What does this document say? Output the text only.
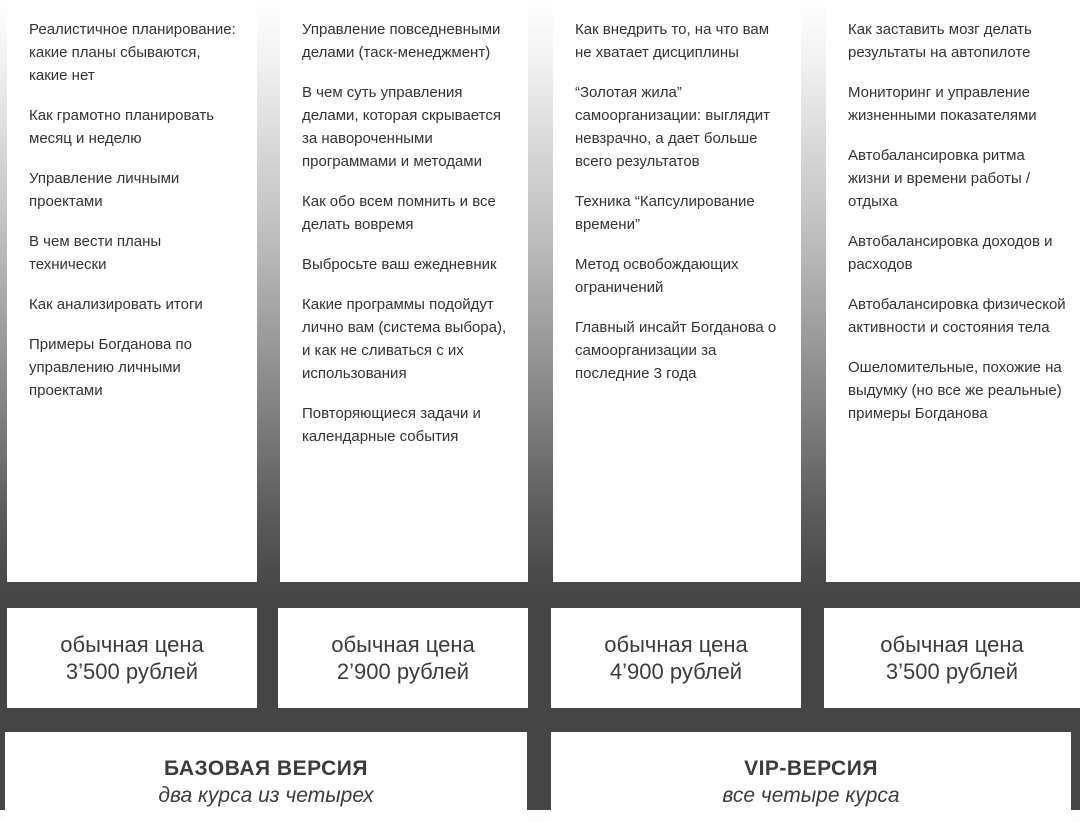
Реалистичное планирование: какие планы сбываются, какие нет
Как грамотно планировать месяц и неделю
Управление личными проектами
В чем вести планы технически
Как анализировать итоги
Примеры Богданова по управлению личными проектами
Управление повседневными делами (таск-менеджмент)
В чем суть управления делами, которая скрывается за навороченными программами и методами
Как обо всем помнить и все делать вовремя
Выбросьте ваш ежедневник
Какие программы подойдут лично вам (система выбора), и как не сливаться с их использования
Повторяющиеся задачи и календарные события
Как внедрить то, на что вам не хватает дисциплины
“Золотая жила” самоорганизации: выглядит невзрачно, а дает больше всего результатов
Техника “Капсулирование времени”
Метод освобождающих ограничений
Главный инсайт Богданова о самоорганизации за последние 3 года
Как заставить мозг делать результаты на автопилоте
Мониторинг и управление жизненными показателями
Автобалансировка ритма жизни и времени работы / отдыха
Автобалансировка доходов и расходов
Автобалансировка физической активности и состояния тела
Ошеломительные, похожие на выдумку (но все же реальные) примеры Богданова
обычная цена
3’500 рублей
обычная цена
2’900 рублей
обычная цена
4’900 рублей
обычная цена
3’500 рублей
БАЗОВАЯ ВЕРСИЯ
два курса из четырех
VIP-ВЕРСИЯ
все четыре курса
